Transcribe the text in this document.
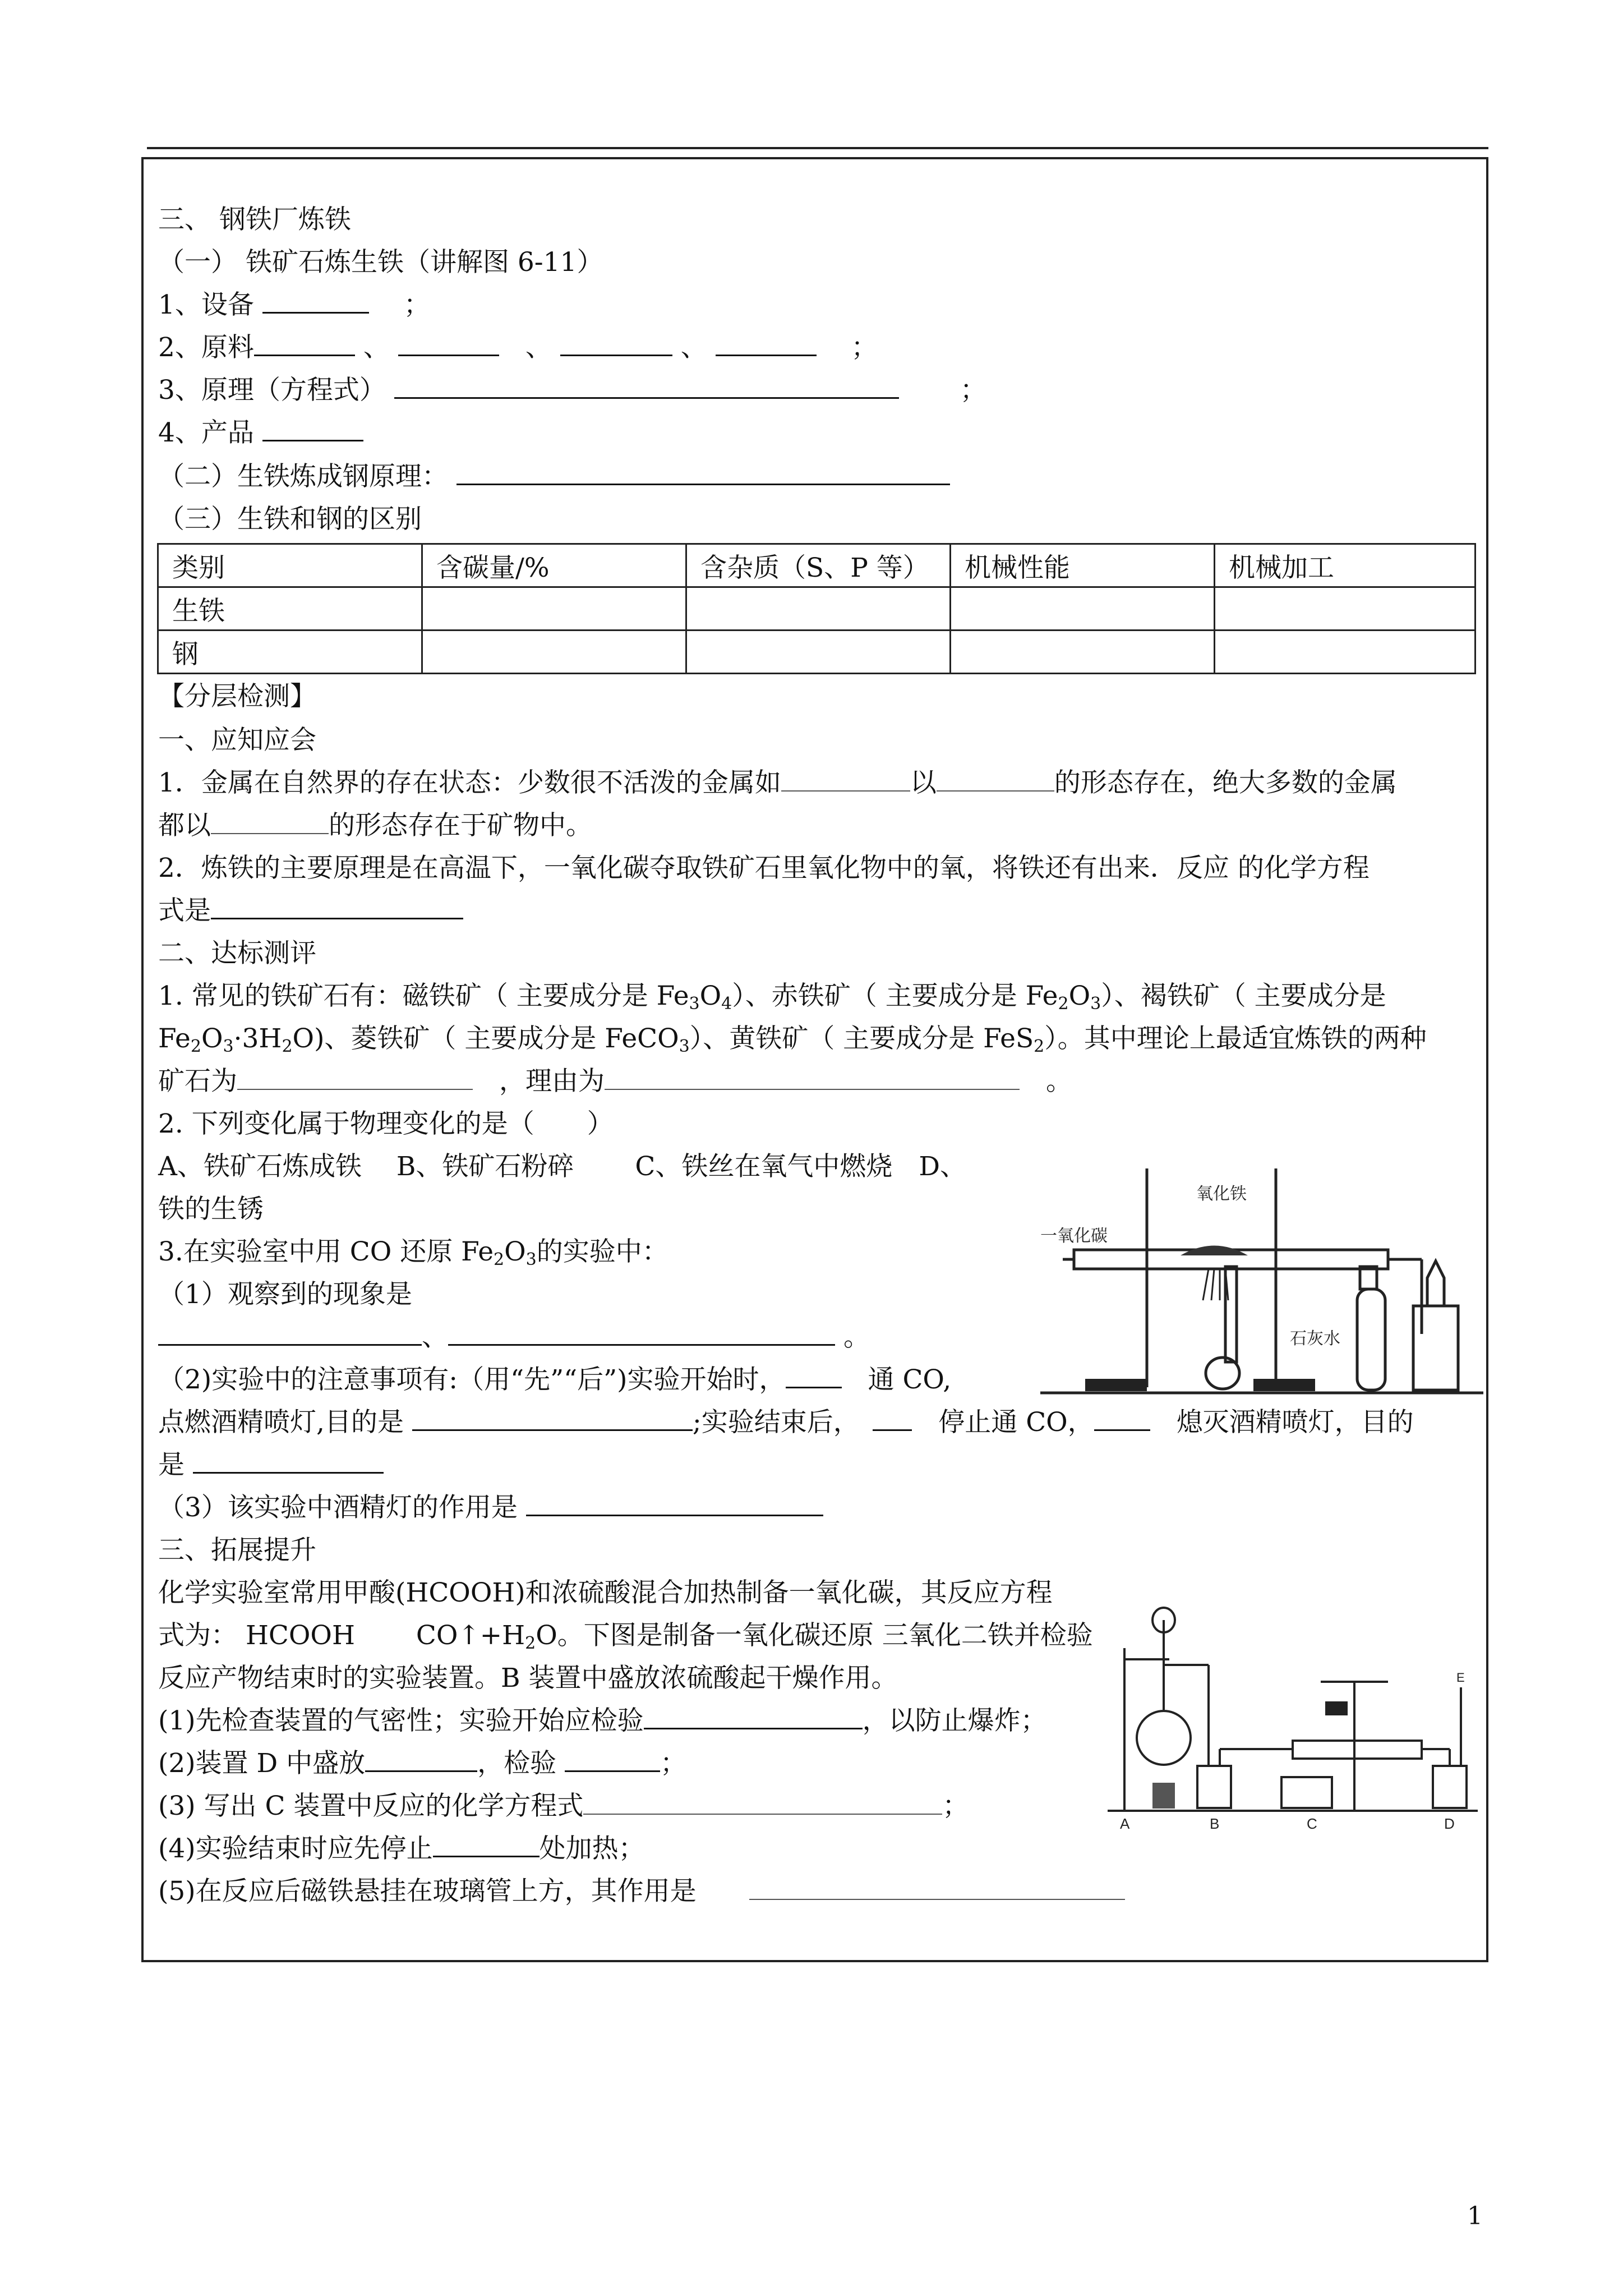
三、 钢铁厂炼铁
（一） 铁矿石炼生铁（讲解图 6-11）
1、设备 　	；
2、原料	、 　	、	、 　	；
3、原理（方程式） 　　	；
4、产品
（二）生铁炼成钢原理：
（三）生铁和钢的区别
类别	含碳量/%	含杂质（S、P 等）	机械性能	机械加工
生铁				
钢				
【分层检测】
一、应知应会
1．金属在自然界的存在状态：少数很不活泼的金属如	以	的形态存在，绝大多数的金属
都以	的形态存在于矿物中。
2．炼铁的主要原理是在高温下，一氧化碳夺取铁矿石里氧化物中的氧，将铁还有出来．反应 的化学方程
式是
二、达标测评
1. 常见的铁矿石有：磁铁矿（ 主要成分是 $Fe_3O_4$）、赤铁矿（ 主要成分是 $Fe_2O_3$）、褐铁矿（ 主要成分是
$Fe_2O_3\cdot 3H_2O$)、菱铁矿（ 主要成分是 FeCO$_3$）、黄铁矿（ 主要成分是 FeS$_2$）。其中理论上最适宜炼铁的两种
矿石为　	，理由为　	。
2. 下列变化属于物理变化的是（　　）
A、铁矿石炼成铁　 B、铁矿石粉碎　　 C、铁丝在氧气中燃烧　D、
铁的生锈
3.在实验室中用 CO 还原 $Fe_2O_3$的实验中：
（1）观察到的现象是
、	。
（2)实验中的注意事项有:（用“先”“后”)实验开始时，　	通 CO,
点燃酒精喷灯,目的是	;实验结束后，　　	停止通 CO，　	熄灭酒精喷灯，目的
是
（3）该实验中酒精灯的作用是
三、拓展提升
化学实验室常用甲酸(HCOOH)和浓硫酸混合加热制备一氧化碳，其反应方程
式为： HCOOH　　 $CO↑+H_2O$。下图是制备一氧化碳还原 三氧化二铁并检验
反应产物结束时的实验装置。B 装置中盛放浓硫酸起干燥作用。
(1)先检查装置的气密性；实验开始应检验	，以防止爆炸；
(2)装置 D 中盛放	，检验	；
(3) 写出 C 装置中反应的化学方程式	；
(4)实验结束时应先停止	处加热；
(5)在反应后磁铁悬挂在玻璃管上方，其作用是　　
一氧化碳
氧化铁
石灰水
A	B	C	D
E
1
